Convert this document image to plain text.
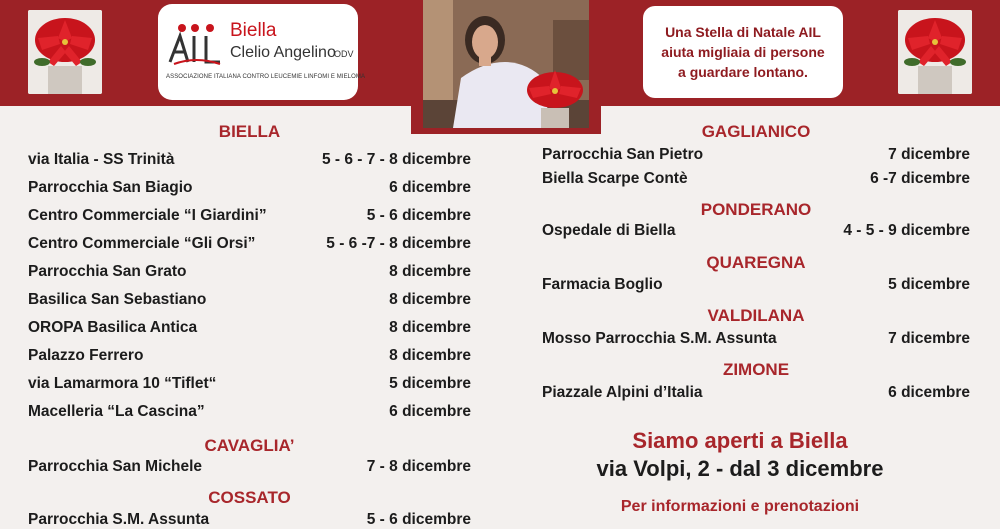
Biella
Clelio Angelino
ODV
ASSOCIAZIONE ITALIANA CONTRO LEUCEMIE LINFOMI E MIELOMA
Una Stella di Natale AIL
aiuta migliaia di persone
a guardare lontano.
BIELLA
via Italia - SS Trinità	5 - 6 - 7 - 8 dicembre
Parrocchia San Biagio	6 dicembre
Centro Commerciale “I Giardini”	5 - 6 dicembre
Centro Commerciale “Gli Orsi”	5 - 6 -7 - 8 dicembre
Parrocchia San Grato	8 dicembre
Basilica San Sebastiano	8 dicembre
OROPA Basilica Antica	8 dicembre
Palazzo Ferrero	8 dicembre
via Lamarmora 10 “Tiflet“	5 dicembre
Macelleria “La Cascina”	6 dicembre
CAVAGLIA’
Parrocchia San Michele	7 - 8 dicembre
COSSATO
Parrocchia S.M. Assunta	5 - 6 dicembre
GAGLIANICO
Parrocchia San Pietro	7 dicembre
Biella Scarpe Contè	6 -7 dicembre
PONDERANO
Ospedale di Biella	4 - 5 - 9 dicembre
QUAREGNA
Farmacia Boglio	5 dicembre
VALDILANA
Mosso Parrocchia S.M. Assunta	7 dicembre
ZIMONE
Piazzale Alpini d’Italia	6 dicembre
Siamo aperti a Biella
via Volpi, 2 - dal 3 dicembre
Per informazioni e prenotazioni
